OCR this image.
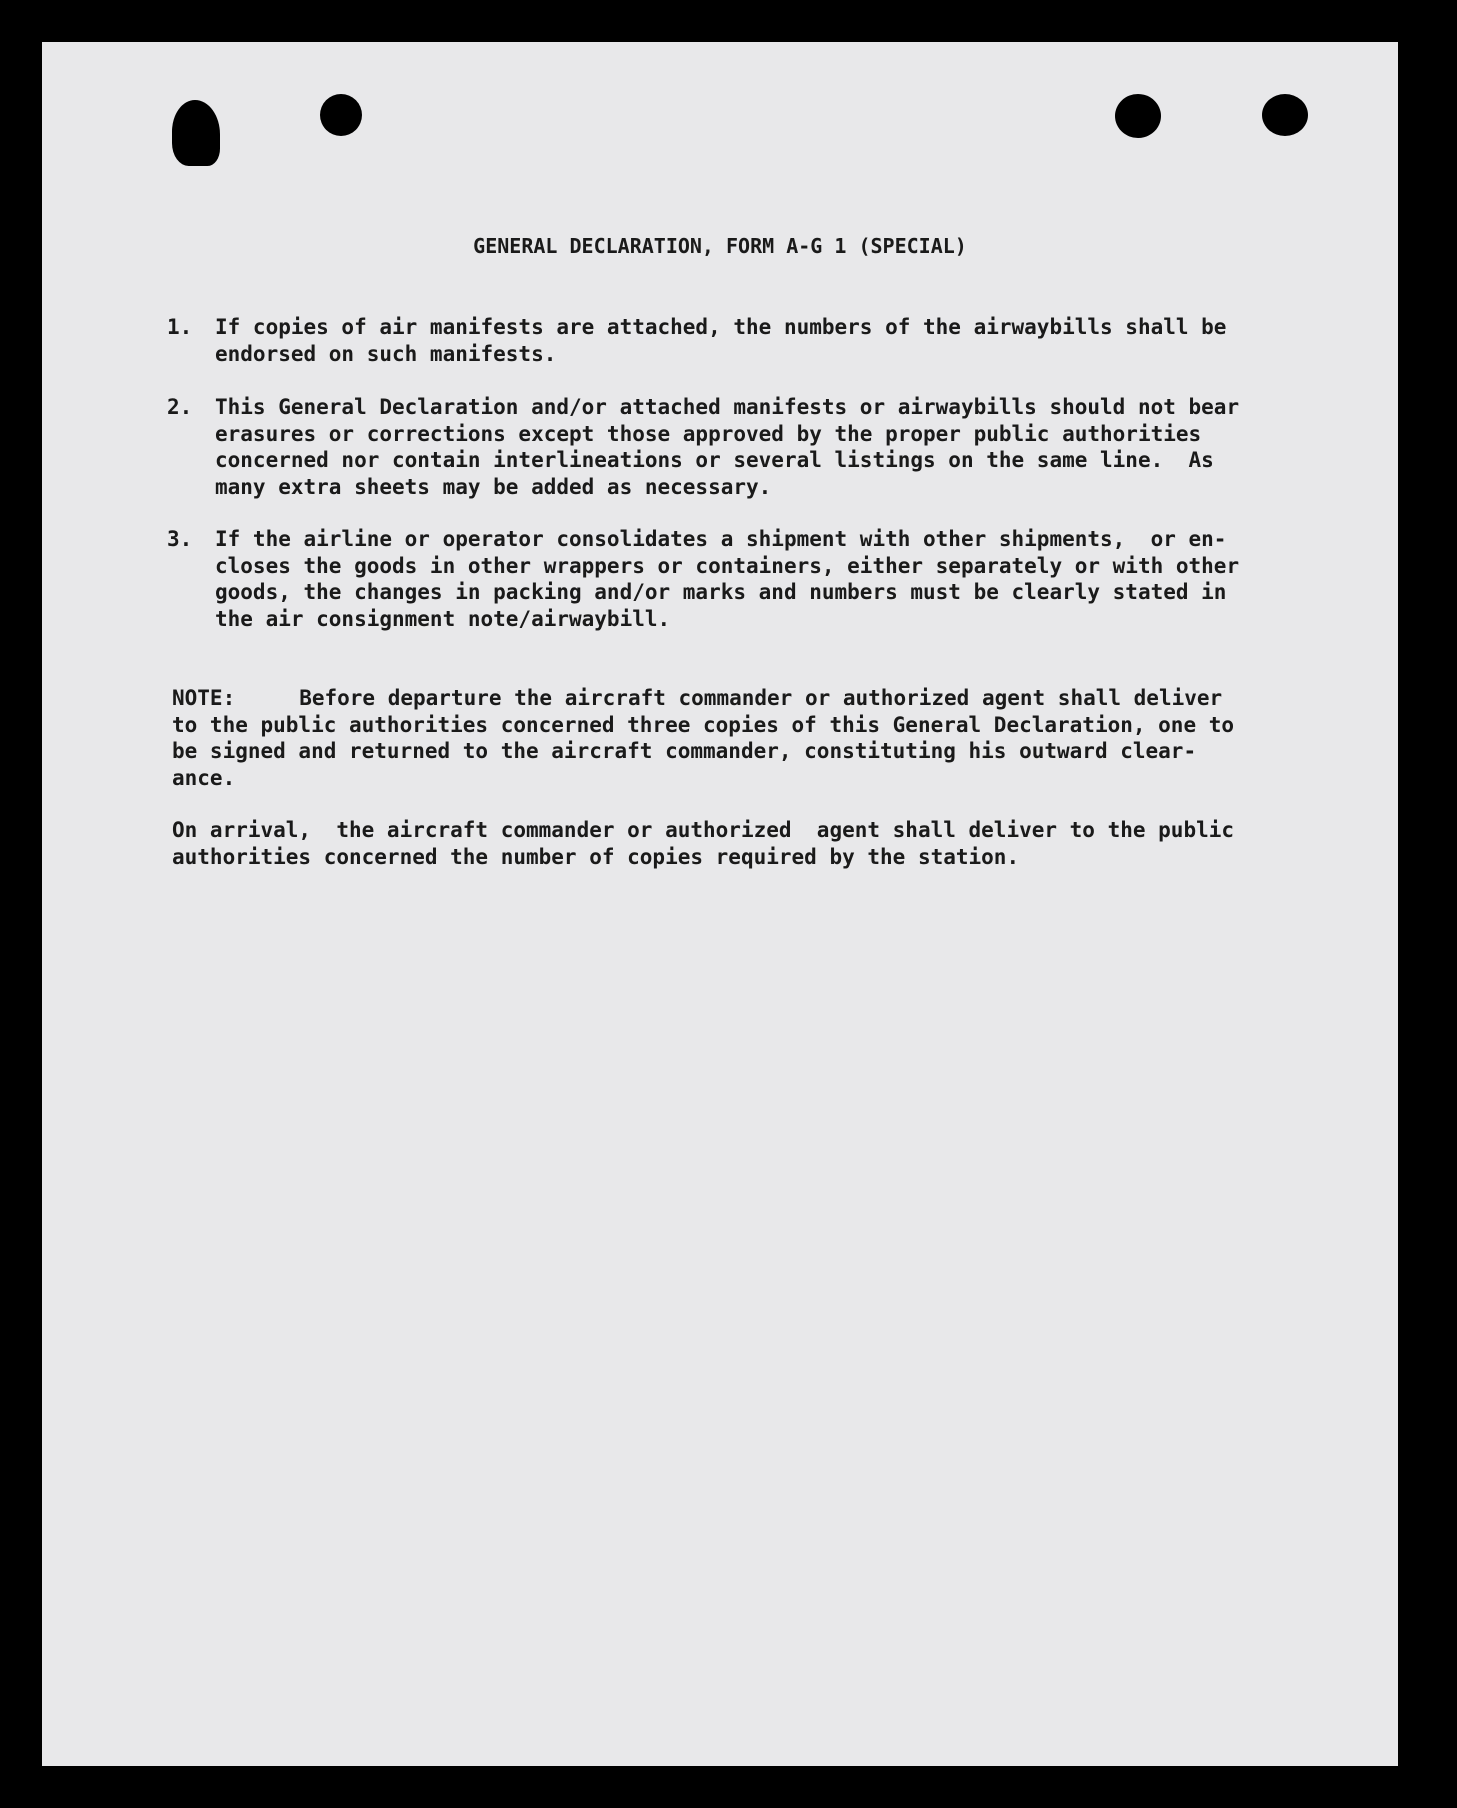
GENERAL DECLARATION, FORM A-G 1 (SPECIAL)
1. If copies of air manifests are attached, the numbers of the airwaybills shall be
endorsed on such manifests.
2. This General Declaration and/or attached manifests or airwaybills should not bear
erasures or corrections except those approved by the proper public authorities
concerned nor contain interlineations or several listings on the same line.  As
many extra sheets may be added as necessary.
3. If the airline or operator consolidates a shipment with other shipments,  or en-
closes the goods in other wrappers or containers, either separately or with other
goods, the changes in packing and/or marks and numbers must be clearly stated in
the air consignment note/airwaybill.
NOTE:	Before departure the aircraft commander or authorized agent shall deliver
to the public authorities concerned three copies of this General Declaration, one to
be signed and returned to the aircraft commander, constituting his outward clear-
ance.
On arrival,  the aircraft commander or authorized  agent shall deliver to the public
authorities concerned the number of copies required by the station.
